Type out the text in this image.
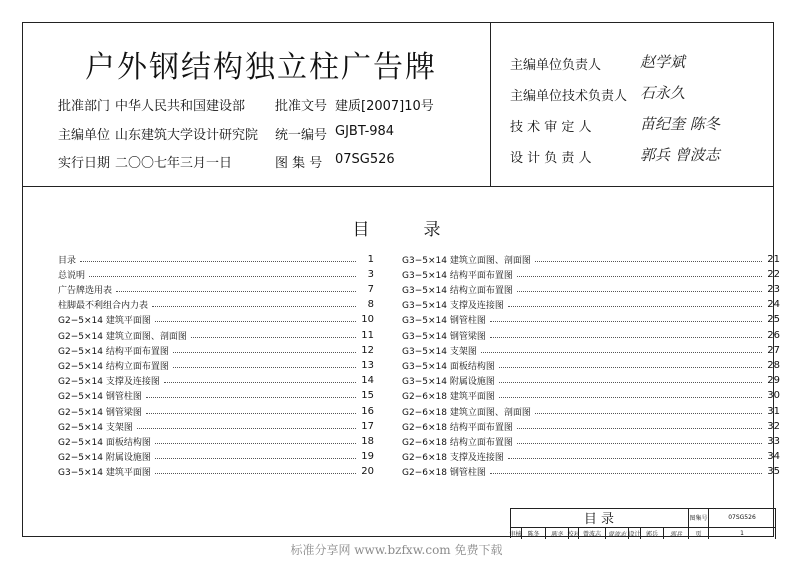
户外钢结构独立柱广告牌
批准部门 中华人民共和国建设部
主编单位 山东建筑大学设计研究院
实行日期 二〇〇七年三月一日
批准文号 建质[2007]10号
统一编号 GJBT-984
图 集 号 07SG526
主编单位负责人	赵学斌
主编单位技术负责人 石永久
技 术 审 定 人	苗纪奎 陈冬
设 计 负 责 人	郭兵 曾波志
目          录
目录	1
总说明	3
广告牌选用表	7
柱脚最不利组合内力表	8
G2−5×14 建筑平面图	10
G2−5×14 建筑立面图、剖面图	11
G2−5×14 结构平面布置图	12
G2−5×14 结构立面布置图	13
G2−5×14 支撑及连接图	14
G2−5×14 钢管柱图	15
G2−5×14 钢管梁图	16
G2−5×14 支架图	17
G2−5×14 面板结构图	18
G2−5×14 附属设施图	19
G3−5×14 建筑平面图	20
G3−5×14 建筑立面图、剖面图	21
G3−5×14 结构平面布置图	22
G3−5×14 结构立面布置图	23
G3−5×14 支撑及连接图	24
G3−5×14 钢管柱图	25
G3−5×14 钢管梁图	26
G3−5×14 支架图	27
G3−5×14 面板结构图	28
G3−5×14 附属设施图	29
G2−6×18 建筑平面图	30
G2−6×18 建筑立面图、剖面图	31
G2−6×18 结构平面布置图	32
G2−6×18 结构立面布置图	33
G2−6×18 支撑及连接图	34
G2−6×18 钢管柱图	35
目 录	图集号	07SG526
审核 陈冬	陈冬 校对 曾波志	曾波志 设计 郭兵	郭兵	页	1
标准分享网 www.bzfxw.com 免费下载
